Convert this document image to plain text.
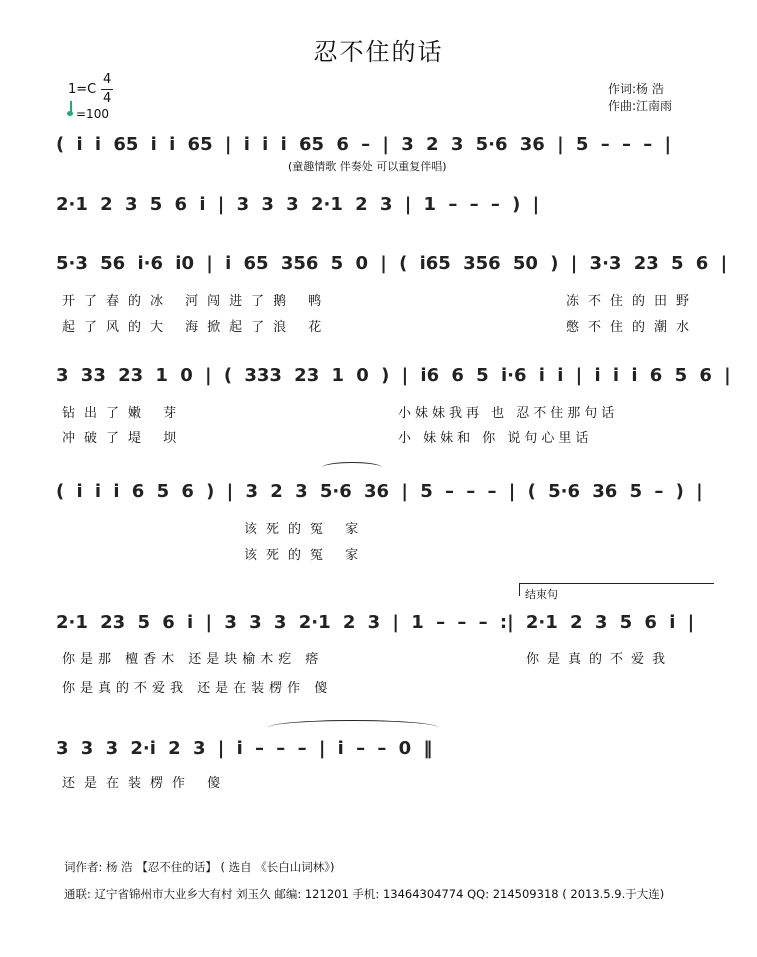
忍不住的话
1=C
4
4
=100
作词:杨 浩
作曲:江南雨
( i i 65 i i 65 | i i i 65 6 – | 3 2 3 5·6 36 | 5 – – – |
(童趣情歌 伴奏处 可以重复伴唱)
2·1 2 3 5 6 i | 3 3 3 2·1 2 3 | 1 – – – ) |
5·3 56 i·6 i0 | i 65 356 5 0 | ( i65 356 50 ) | 3·3 23 5 6 |
开了春的冰 河闯进了鹅 鸭	冻不住的田野
起了风的大 海掀起了浪 花	憋不住的潮水
3 33 23 1 0 | ( 333 23 1 0 ) | i6 6 5 i·6 i i | i i i 6 5 6 |
钻出了嫩 芽	小妹妹我再 也 忍不住那句话
冲破了堤 坝	小 妹妹和 你 说句心里话
( i i i 6 5 6 ) | 3 2 3 5·6 36 | 5 – – – | ( 5·6 36 5 – ) |
该死的冤 家
该死的冤 家
结束句
2·1 23 5 6 i | 3 3 3 2·1 2 3 | 1 – – – :| 2·1 2 3 5 6 i |
你是那 檀香木 还是块榆木疙 瘩	你是真的不爱我
你是真的不爱我 还是在装楞作 傻
3 3 3 2·i 2 3 | i – – – | i – – 0 ‖
还是在装楞作 傻
词作者: 杨 浩 【忍不住的话】 ( 选自 《长白山词林》)
通联: 辽宁省锦州市大业乡大有村 刘玉久 邮编: 121201 手机: 13464304774 QQ: 214509318 ( 2013.5.9.于大连)
